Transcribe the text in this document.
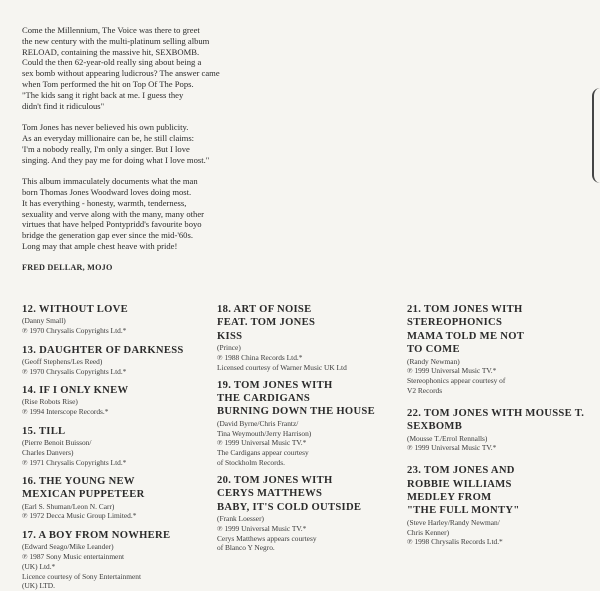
Come the Millennium, The Voice was there to greet
the new century with the multi-platinum selling album
RELOAD, containing the massive hit, SEXBOMB.
Could the then 62-year-old really sing about being a
sex bomb without appearing ludicrous? The answer came
when Tom performed the hit on Top Of The Pops.
"The kids sang it right back at me. I guess they
didn't find it ridiculous"

Tom Jones has never believed his own publicity.
As an everyday millionaire can be, he still claims:
'I'm a nobody really, I'm only a singer. But I love
singing. And they pay me for doing what I love most."

This album immaculately documents what the man
born Thomas Jones Woodward loves doing most.
It has everything - honesty, warmth, tenderness,
sexuality and verve along with the many, many other
virtues that have helped Pontypridd's favourite boyo
bridge the generation gap ever since the mid-'60s.
Long may that ample chest heave with pride!

FRED DELLAR, MOJO

12. WITHOUT LOVE
(Danny Small)
℗ 1970 Chrysalis Copyrights Ltd.*
13. DAUGHTER OF DARKNESS
(Geoff Stephens/Les Reed)
℗ 1970 Chrysalis Copyrights Ltd.*
14. IF I ONLY KNEW
(Rise Robots Rise)
℗ 1994 Interscope Records.*
15. TILL
(Pierre Benoit Buisson/
Charles Danvers)
℗ 1971 Chrysalis Copyrights Ltd.*
16. THE YOUNG NEW
MEXICAN PUPPETEER
(Earl S. Shuman/Leon N. Carr)
℗ 1972 Decca Music Group Limited.*
17. A BOY FROM NOWHERE
(Edward Seago/Mike Leander)
℗ 1987 Sony Music entertainment
(UK) Ltd.*
Licence courtesy of Sony Entertainment
(UK) LTD.
18. ART OF NOISE
FEAT. TOM JONES
KISS
(Prince)
℗ 1988 China Records Ltd.*
Licensed courtesy of Warner Music UK Ltd
19. TOM JONES WITH
THE CARDIGANS
BURNING DOWN THE HOUSE
(David Byrne/Chris Frantz/
Tina Weymouth/Jerry Harrison)
℗ 1999 Universal Music TV.*
The Cardigans appear courtesy
of Stockholm Records.
20. TOM JONES WITH
CERYS MATTHEWS
BABY, IT'S COLD OUTSIDE
(Frank Loesser)
℗ 1999 Universal Music TV.*
Cerys Matthews appears courtesy
of Blanco Y Negro.
21. TOM JONES WITH
STEREOPHONICS
MAMA TOLD ME NOT
TO COME
(Randy Newman)
℗ 1999 Universal Music TV.*
Stereophonics appear courtesy of
V2 Records
22. TOM JONES WITH MOUSSE T.
SEXBOMB
(Mousse T./Errol Rennalls)
℗ 1999 Universal Music TV.*
23. TOM JONES AND
ROBBIE WILLIAMS
MEDLEY FROM
"THE FULL MONTY"
(Steve Harley/Randy Newman/
Chris Kenner)
℗ 1998 Chrysalis Records Ltd.*
